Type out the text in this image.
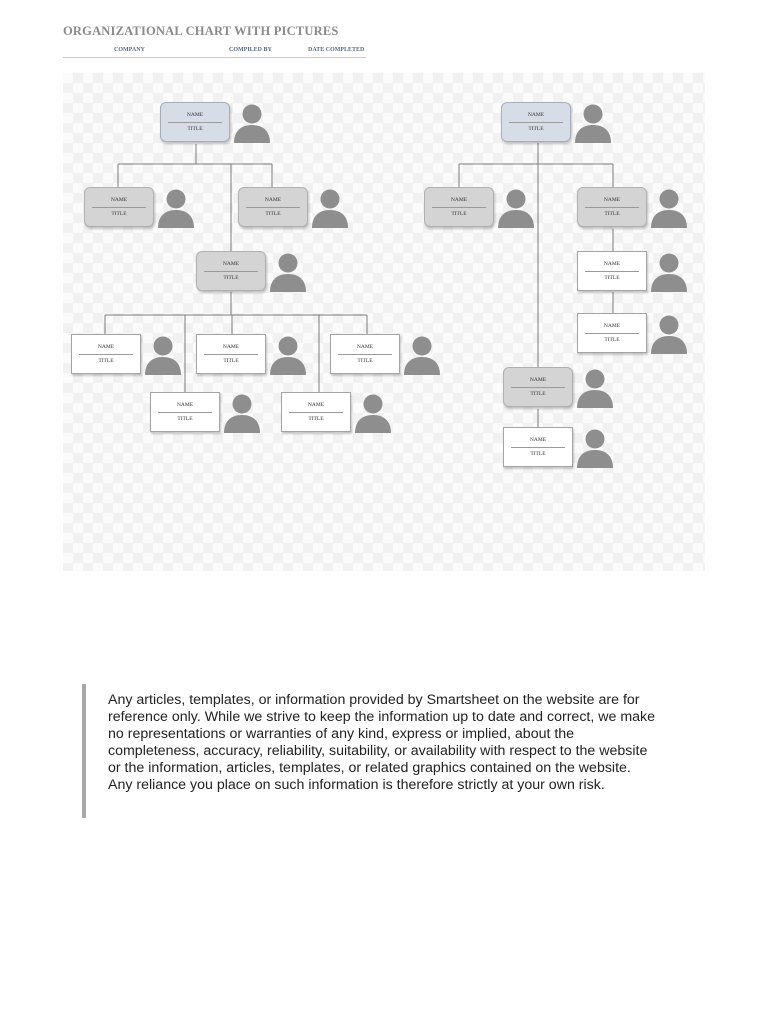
ORGANIZATIONAL CHART WITH PICTURES
COMPANY	COMPILED BY	DATE COMPLETED
NAME
TITLE
NAME
TITLE
NAME
TITLE
NAME
TITLE
NAME
TITLE
NAME
TITLE
NAME
TITLE
NAME
TITLE
NAME
TITLE
NAME
TITLE
NAME
TITLE
NAME
TITLE
NAME
TITLE
NAME
TITLE
NAME
TITLE
NAME
TITLE

Any articles, templates, or information provided by Smartsheet on the website are for reference only. While we strive to keep the information up to date and correct, we make no representations or warranties of any kind, express or implied, about the completeness, accuracy, reliability, suitability, or availability with respect to the website or the information, articles, templates, or related graphics contained on the website. Any reliance you place on such information is therefore strictly at your own risk.
